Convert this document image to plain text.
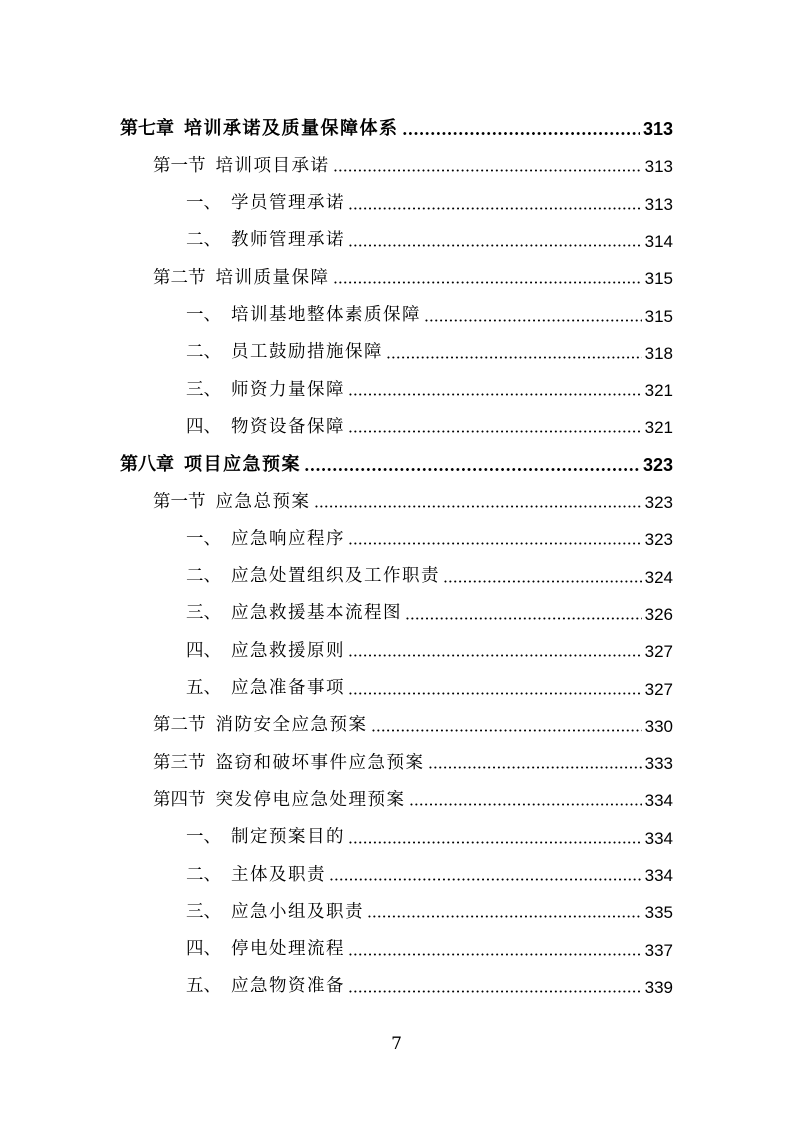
第七章 培训承诺及质量保障体系	313
第一节 培训项目承诺	313
一、 学员管理承诺	313
二、 教师管理承诺	314
第二节 培训质量保障	315
一、 培训基地整体素质保障	315
二、 员工鼓励措施保障	318
三、 师资力量保障	321
四、 物资设备保障	321
第八章 项目应急预案	323
第一节 应急总预案	323
一、 应急响应程序	323
二、 应急处置组织及工作职责	324
三、 应急救援基本流程图	326
四、 应急救援原则	327
五、 应急准备事项	327
第二节 消防安全应急预案	330
第三节 盗窃和破坏事件应急预案	333
第四节 突发停电应急处理预案	334
一、 制定预案目的	334
二、 主体及职责	334
三、 应急小组及职责	335
四、 停电处理流程	337
五、 应急物资准备	339
7
